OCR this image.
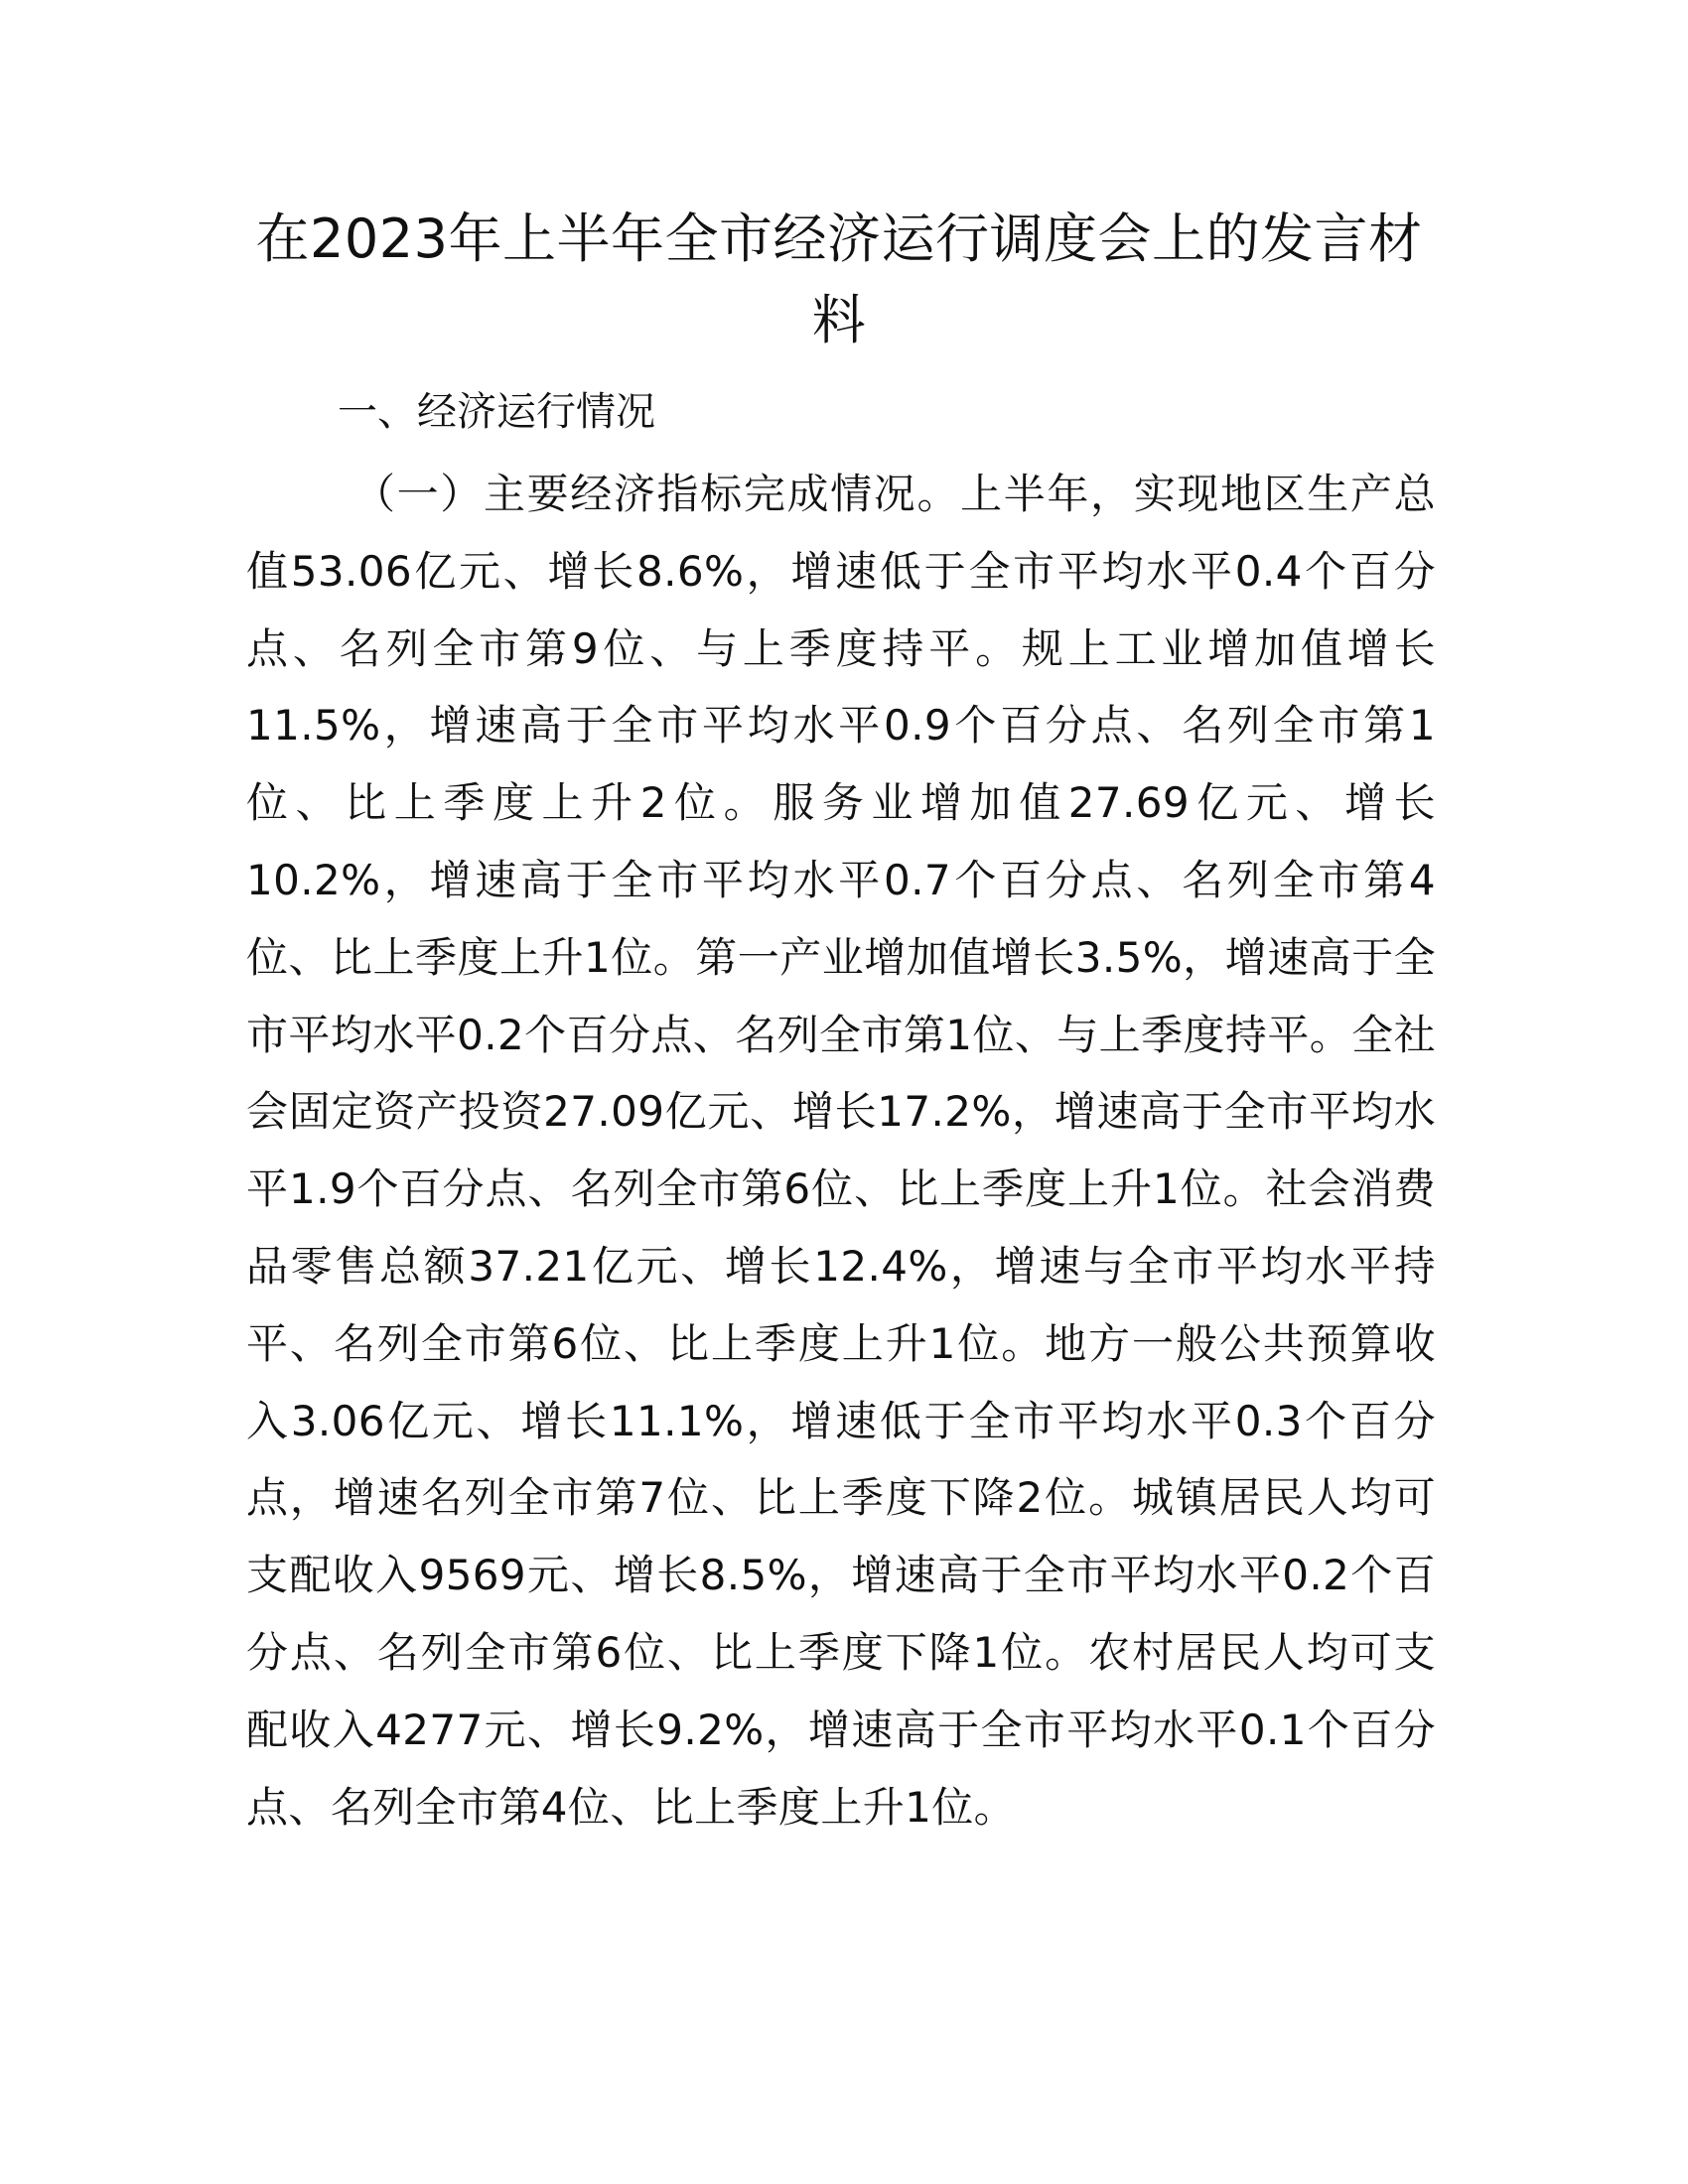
在2023年上半年全市经济运行调度会上的发言材料
一、经济运行情况

（一）主要经济指标完成情况。上半年，实现地区生产总值53.06亿元、增长8.6%，增速低于全市平均水平0.4个百分点、名列全市第9位、与上季度持平。规上工业增加值增长11.5%，增速高于全市平均水平0.9个百分点、名列全市第1位、比上季度上升2位。服务业增加值27.69亿元、增长10.2%，增速高于全市平均水平0.7个百分点、名列全市第4位、比上季度上升1位。第一产业增加值增长3.5%，增速高于全市平均水平0.2个百分点、名列全市第1位、与上季度持平。全社会固定资产投资27.09亿元、增长17.2%，增速高于全市平均水平1.9个百分点、名列全市第6位、比上季度上升1位。社会消费品零售总额37.21亿元、增长12.4%，增速与全市平均水平持平、名列全市第6位、比上季度上升1位。地方一般公共预算收入3.06亿元、增长11.1%，增速低于全市平均水平0.3个百分点，增速名列全市第7位、比上季度下降2位。城镇居民人均可支配收入9569元、增长8.5%，增速高于全市平均水平0.2个百分点、名列全市第6位、比上季度下降1位。农村居民人均可支配收入4277元、增长9.2%，增速高于全市平均水平0.1个百分点、名列全市第4位、比上季度上升1位。
